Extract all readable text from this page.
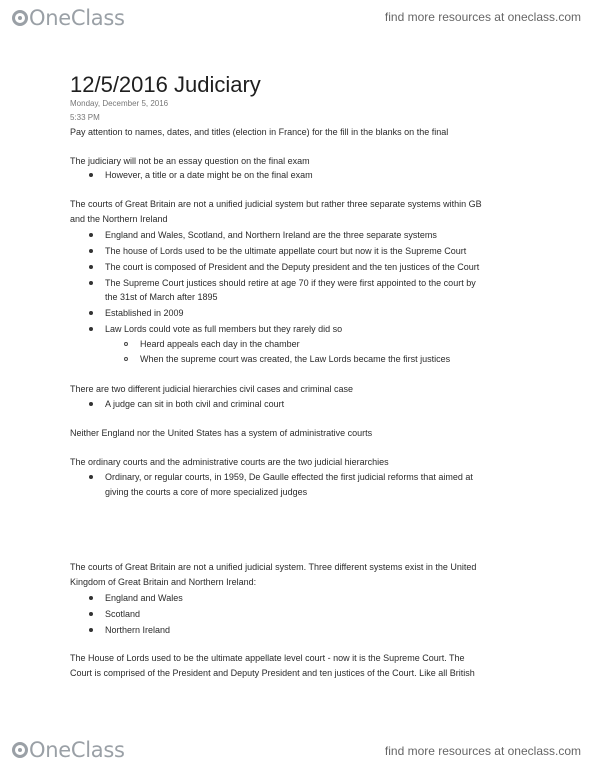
OneClass	find more resources at oneclass.com
12/5/2016 Judiciary
Monday, December 5, 2016
5:33 PM
Pay attention to names, dates, and titles (election in France) for the fill in the blanks on the final
The judiciary will not be an essay question on the final exam
However, a title or a date might be on the final exam
The courts of Great Britain are not a unified judicial system but rather three separate systems within GB
and the Northern Ireland
England and Wales, Scotland, and Northern Ireland are the three separate systems
The house of Lords used to be the ultimate appellate court but now it is the Supreme Court
The court is composed of President and the Deputy president and the ten justices of the Court
The Supreme Court justices should retire at age 70 if they were first appointed to the court by
the 31st of March after 1895
Established in 2009
Law Lords could vote as full members but they rarely did so
Heard appeals each day in the chamber
When the supreme court was created, the Law Lords became the first justices
There are two different judicial hierarchies civil cases and criminal case
A judge can sit in both civil and criminal court
Neither England nor the United States has a system of administrative courts
The ordinary courts and the administrative courts are the two judicial hierarchies
Ordinary, or regular courts, in 1959, De Gaulle effected the first judicial reforms that aimed at
giving the courts a core of more specialized judges
The courts of Great Britain are not a unified judicial system. Three different systems exist in the United
Kingdom of Great Britain and Northern Ireland:
England and Wales
Scotland
Northern Ireland
The House of Lords used to be the ultimate appellate level court - now it is the Supreme Court. The
Court is comprised of the President and Deputy President and ten justices of the Court. Like all British
OneClass	find more resources at oneclass.com
